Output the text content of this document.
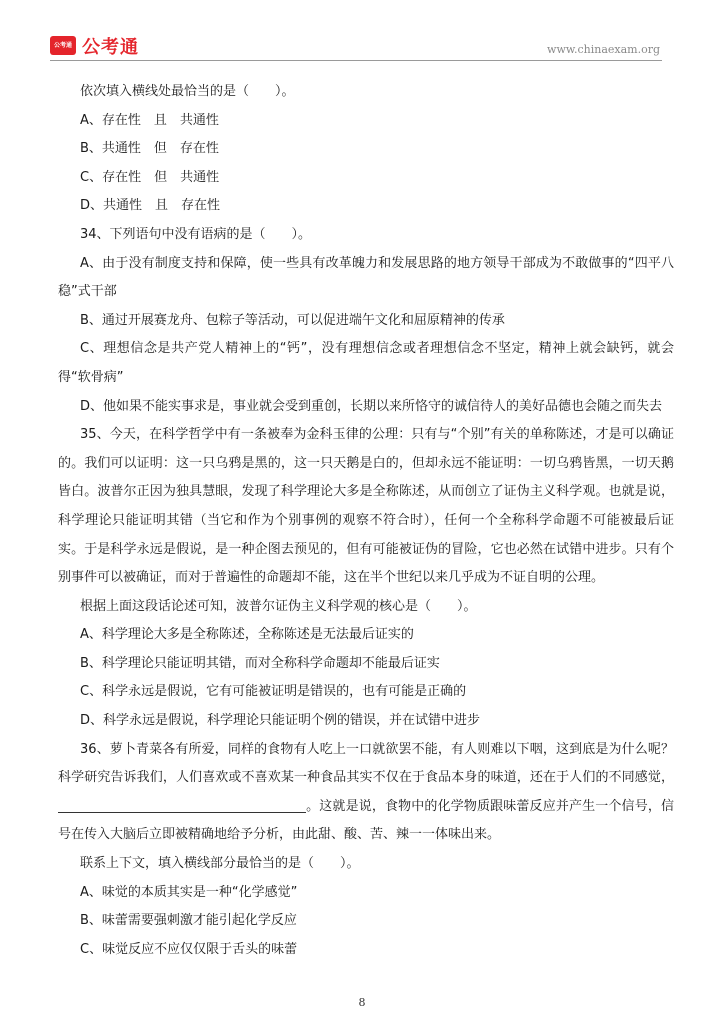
公考通 公考通	www.chinaexam.org

依次填入横线处最恰当的是（　　）。

A、存在性　且　共通性

B、共通性　但　存在性

C、存在性　但　共通性

D、共通性　且　存在性

34、下列语句中没有语病的是（　　）。

A、由于没有制度支持和保障，使一些具有改革魄力和发展思路的地方领导干部成为不敢做事的“四平八稳”式干部

B、通过开展赛龙舟、包粽子等活动，可以促进端午文化和屈原精神的传承

C、理想信念是共产党人精神上的“钙”，没有理想信念或者理想信念不坚定，精神上就会缺钙，就会得“软骨病”

D、他如果不能实事求是，事业就会受到重创，长期以来所恪守的诚信待人的美好品德也会随之而失去

35、今天，在科学哲学中有一条被奉为金科玉律的公理：只有与“个别”有关的单称陈述，才是可以确证的。我们可以证明：这一只乌鸦是黑的，这一只天鹅是白的，但却永远不能证明：一切乌鸦皆黑，一切天鹅皆白。波普尔正因为独具慧眼，发现了科学理论大多是全称陈述，从而创立了证伪主义科学观。也就是说，科学理论只能证明其错（当它和作为个别事例的观察不符合时），任何一个全称科学命题不可能被最后证实。于是科学永远是假说，是一种企图去预见的，但有可能被证伪的冒险，它也必然在试错中进步。只有个别事件可以被确证，而对于普遍性的命题却不能，这在半个世纪以来几乎成为不证自明的公理。

根据上面这段话论述可知，波普尔证伪主义科学观的核心是（　　）。

A、科学理论大多是全称陈述，全称陈述是无法最后证实的

B、科学理论只能证明其错，而对全称科学命题却不能最后证实

C、科学永远是假说，它有可能被证明是错误的，也有可能是正确的

D、科学永远是假说，科学理论只能证明个例的错误，并在试错中进步

36、萝卜青菜各有所爱，同样的食物有人吃上一口就欲罢不能，有人则难以下咽，这到底是为什么呢？科学研究告诉我们，人们喜欢或不喜欢某一种食品其实不仅在于食品本身的味道，还在于人们的不同感觉，。这就是说，食物中的化学物质跟味蕾反应并产生一个信号，信号在传入大脑后立即被精确地给予分析，由此甜、酸、苦、辣一一体味出来。

联系上下文，填入横线部分最恰当的是（　　）。

A、味觉的本质其实是一种“化学感觉”

B、味蕾需要强刺激才能引起化学反应

C、味觉反应不应仅仅限于舌头的味蕾

8
